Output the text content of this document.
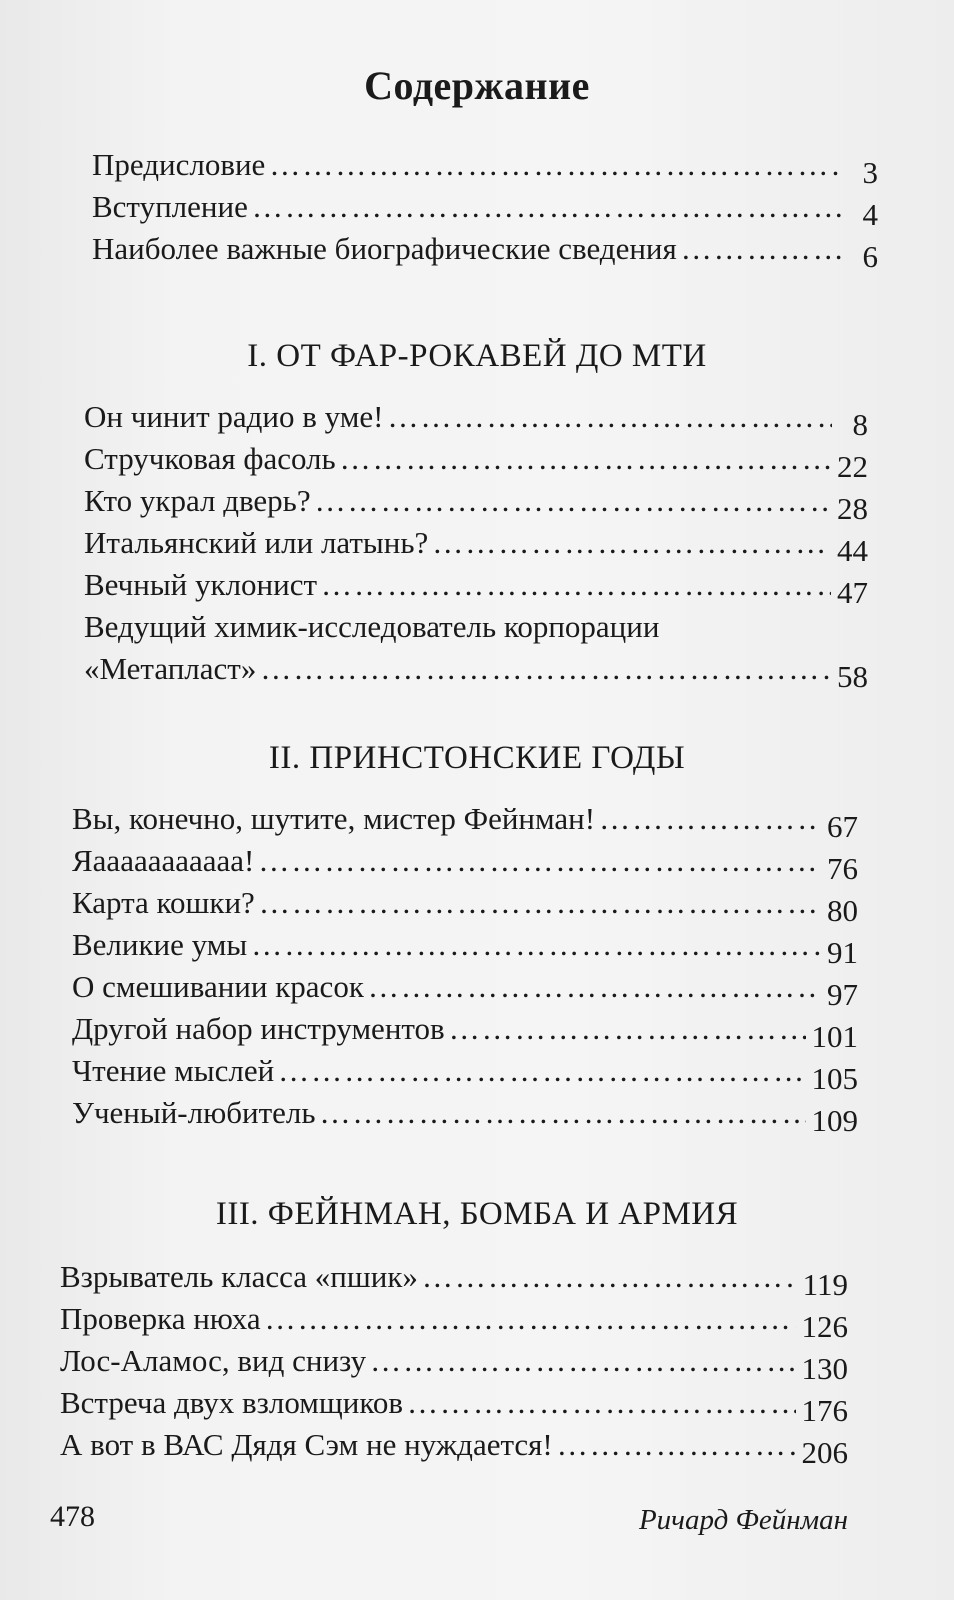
Содержание
Предисловие ……………………………………………………………………………………………………………………………………	3
Вступление ……………………………………………………………………………………………………………………………………	4
Наиболее важные биографические сведения ……………………………………………………………………………………………………………………………………	6
I. ОТ ФАР-РОКАВЕЙ ДО МТИ
Он чинит радио в уме! ……………………………………………………………………………………………………………………………………	8
Стручковая фасоль ……………………………………………………………………………………………………………………………………	22
Кто украл дверь? ……………………………………………………………………………………………………………………………………	28
Итальянский или латынь? ……………………………………………………………………………………………………………………………………	44
Вечный уклонист ……………………………………………………………………………………………………………………………………	47
Ведущий химик-исследователь корпорации
«Метапласт» ……………………………………………………………………………………………………………………………………	58
II. ПРИНСТОНСКИЕ ГОДЫ
Вы, конечно, шутите, мистер Фейнман! ……………………………………………………………………………………………………………………………………	67
Яааааааааааа! ……………………………………………………………………………………………………………………………………	76
Карта кошки? ……………………………………………………………………………………………………………………………………	80
Великие умы ……………………………………………………………………………………………………………………………………	91
О смешивании красок ……………………………………………………………………………………………………………………………………	97
Другой набор инструментов ……………………………………………………………………………………………………………………………………	101
Чтение мыслей ……………………………………………………………………………………………………………………………………	105
Ученый-любитель ……………………………………………………………………………………………………………………………………	109
III. ФЕЙНМАН, БОМБА И АРМИЯ
Взрыватель класса «пшик» ……………………………………………………………………………………………………………………………………	119
Проверка нюха ……………………………………………………………………………………………………………………………………	126
Лос-Аламос, вид снизу ……………………………………………………………………………………………………………………………………	130
Встреча двух взломщиков ……………………………………………………………………………………………………………………………………	176
А вот в ВАС Дядя Сэм не нуждается! ……………………………………………………………………………………………………………………………………	206
478	Ричард Фейнман
